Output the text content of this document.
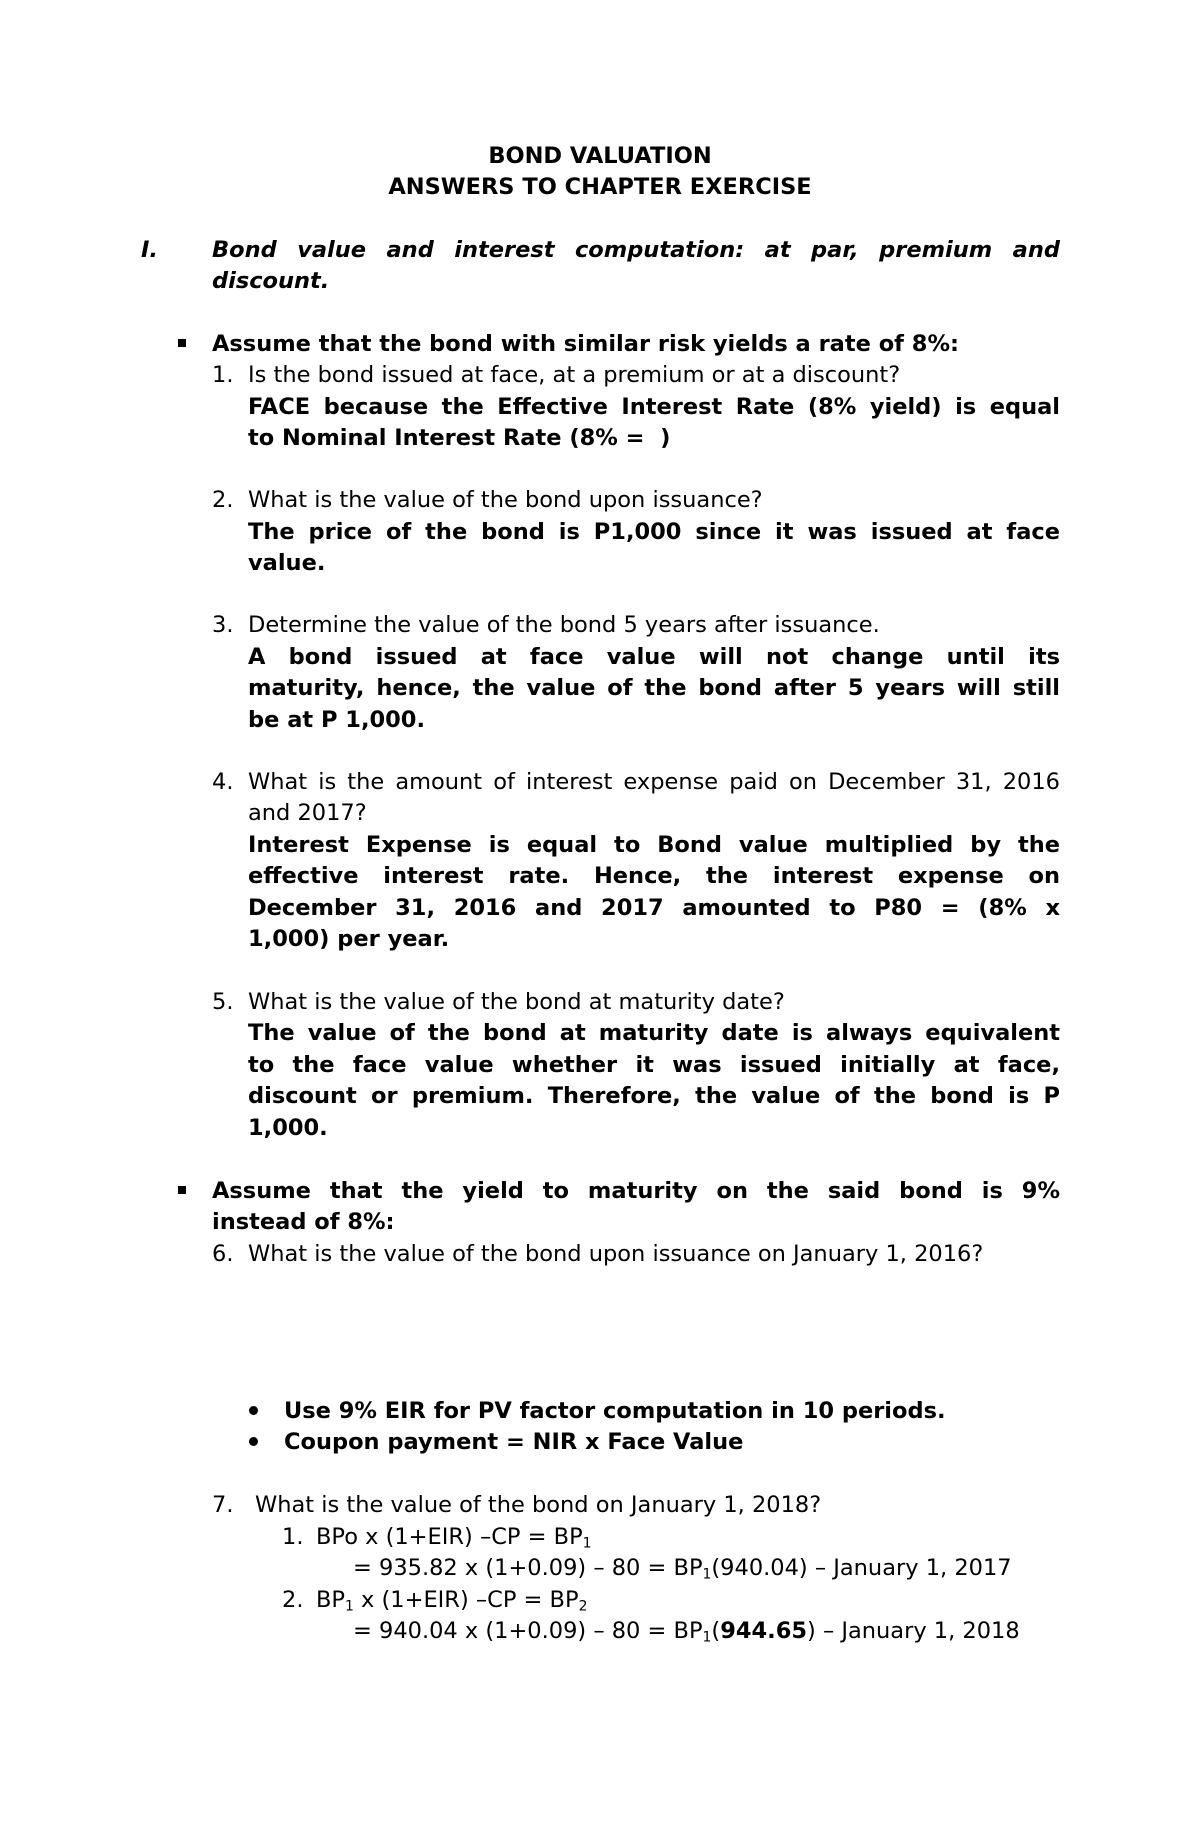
BOND VALUATION
ANSWERS TO CHAPTER EXERCISE
I. Bond value and interest computation: at par, premium and
discount.
Assume that the bond with similar risk yields a rate of 8%:
1. Is the bond issued at face, at a premium or at a discount?
FACE because the Effective Interest Rate (8% yield) is equal
to Nominal Interest Rate (8% =  )
2. What is the value of the bond upon issuance?
The price of the bond is P1,000 since it was issued at face
value.
3. Determine the value of the bond 5 years after issuance.
A bond issued at face value will not change until its
maturity, hence, the value of the bond after 5 years will still
be at P 1,000.
4. What is the amount of interest expense paid on December 31, 2016
and 2017?
Interest Expense is equal to Bond value multiplied by the
effective interest rate. Hence, the interest expense on
December 31, 2016 and 2017 amounted to P80 = (8% x
1,000) per year.
5. What is the value of the bond at maturity date?
The value of the bond at maturity date is always equivalent
to the face value whether it was issued initially at face,
discount or premium. Therefore, the value of the bond is P
1,000.
Assume that the yield to maturity on the said bond is 9%
instead of 8%:
6. What is the value of the bond upon issuance on January 1, 2016?
Use 9% EIR for PV factor computation in 10 periods.
Coupon payment = NIR x Face Value
7. What is the value of the bond on January 1, 2018?
1. BPo x (1+EIR) $-CP = BP_1$
= 935.82 x $(1+0.09) - 80 = BP_1(940.04)$ – January 1, 2017
2. $BP_1$ x (1+EIR) $-CP = BP_2$
= 940.04 x $(1+0.09) - 80 = BP_1(944.65)$ – January 1, 2018
